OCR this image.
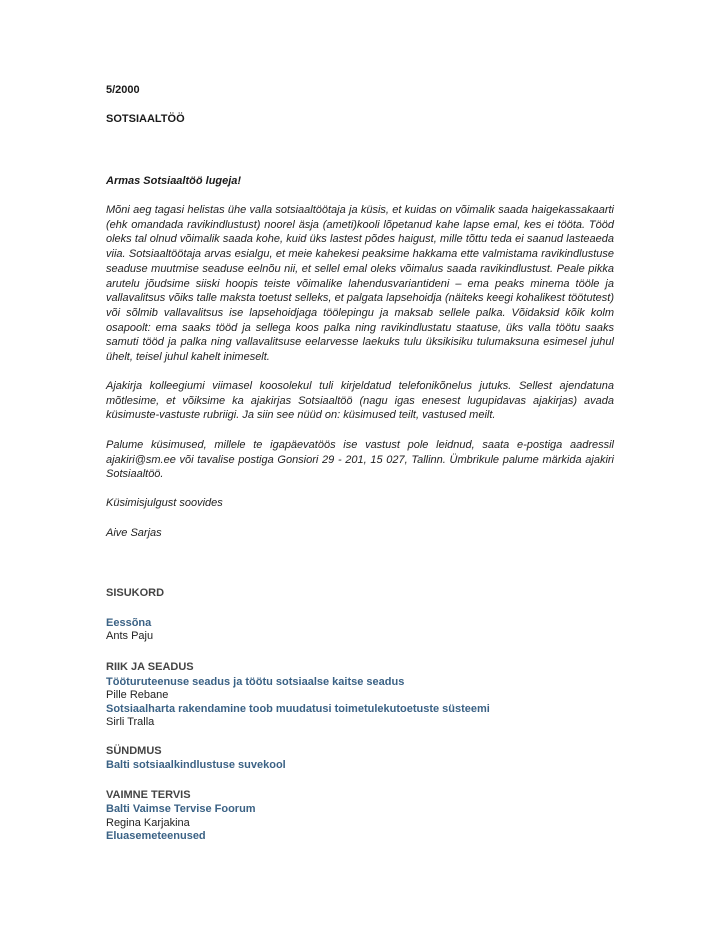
5/2000
SOTSIAALTÖÖ
Armas Sotsiaaltöö lugeja!

Mõni aeg tagasi helistas ühe valla sotsiaaltöötaja ja küsis, et kuidas on võimalik saada haigekassakaarti (ehk omandada ravikindlustust) noorel äsja (ameti)kooli lõpetanud kahe lapse emal, kes ei tööta. Tööd oleks tal olnud võimalik saada kohe, kuid üks lastest põdes haigust, mille tõttu teda ei saanud lasteaeda viia. Sotsiaaltöötaja arvas esialgu, et meie kahekesi peaksime hakkama ette valmistama ravikindlustuse seaduse muutmise seaduse eelnõu nii, et sellel emal oleks võimalus saada ravikindlustust. Peale pikka arutelu jõudsime siiski hoopis teiste võimalike lahendusvariantideni – ema peaks minema tööle ja vallavalitsus võiks talle maksta toetust selleks, et palgata lapsehoidja (näiteks keegi kohalikest töötutest) või sõlmib vallavalitsus ise lapsehoidjaga töölepingu ja maksab sellele palka. Võidaksid kõik kolm osapoolt: ema saaks tööd ja sellega koos palka ning ravikindlustatu staatuse, üks valla töötu saaks samuti tööd ja palka ning vallavalitsuse eelarvesse laekuks tulu üksikisiku tulumaksuna esimesel juhul ühelt, teisel juhul kahelt inimeselt.

Ajakirja kolleegiumi viimasel koosolekul tuli kirjeldatud telefonikõnelus jutuks. Sellest ajendatuna mõtlesime, et võiksime ka ajakirjas Sotsiaaltöö (nagu igas enesest lugupidavas ajakirjas) avada küsimuste-vastuste rubriigi. Ja siin see nüüd on: küsimused teilt, vastused meilt.

Palume küsimused, millele te igapäevatöös ise vastust pole leidnud, saata e-postiga aadressil ajakiri@sm.ee või tavalise postiga Gonsiori 29 - 201, 15 027, Tallinn. Ümbrikule palume märkida ajakiri Sotsiaaltöö.

Küsimisjulgust soovides
Aive Sarjas
SISUKORD
Eessõna
Ants Paju
RIIK JA SEADUS
Tööturuteenuse seadus ja töötu sotsiaalse kaitse seadus
Pille Rebane
Sotsiaalharta rakendamine toob muudatusi toimetulekutoetuste süsteemi
Sirli Tralla
SÜNDMUS
Balti sotsiaalkindlustuse suvekool
VAIMNE TERVIS
Balti Vaimse Tervise Foorum
Regina Karjakina
Eluasemeteenused
